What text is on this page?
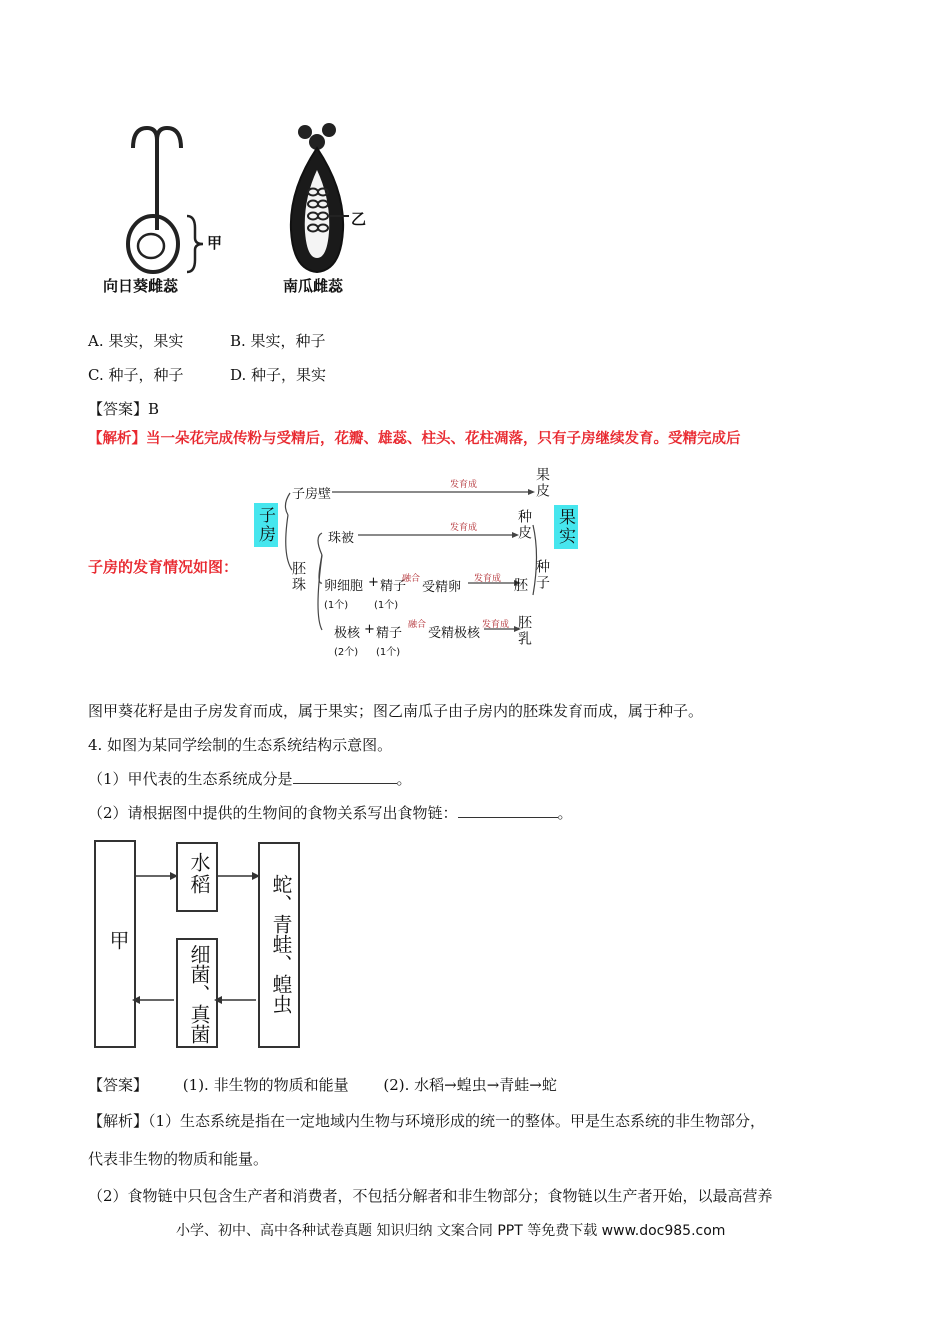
甲
向日葵雌蕊
乙
南瓜雌蕊
A. 果实，果实	B. 果实，种子
C. 种子，种子	D. 种子，果实
【答案】B
【解析】当一朵花完成传粉与受精后，花瓣、雄蕊、柱头、花柱凋落，只有子房继续发育。受精完成后
子房的发育情况如图：
子房
子房壁
发育成	果皮
胚珠
珠被
发育成	种皮 果实
卵细胞 + 精子
(1个)	(1个)
融合
受精卵
发育成 胚 种子
极核 + 精子
(2个) (1个)
融合
受精极核
发育成 胚乳
图甲葵花籽是由子房发育而成，属于果实；图乙南瓜子由子房内的胚珠发育而成，属于种子。
4. 如图为某同学绘制的生态系统结构示意图。
（1）甲代表的生态系统成分是	。
（2）请根据图中提供的生物间的食物关系写出食物链：	。
甲
水稻
细菌、真菌	蛇、青蛙、蝗虫
【答案】 (1). 非生物的物质和能量 (2). 水稻→蝗虫→青蛙→蛇
【解析】（1）生态系统是指在一定地域内生物与环境形成的统一的整体。甲是生态系统的非生物部分，
代表非生物的物质和能量。
（2）食物链中只包含生产者和消费者，不包括分解者和非生物部分；食物链以生产者开始，以最高营养
小学、初中、高中各种试卷真题 知识归纳 文案合同 PPT 等免费下载 www.doc985.com
